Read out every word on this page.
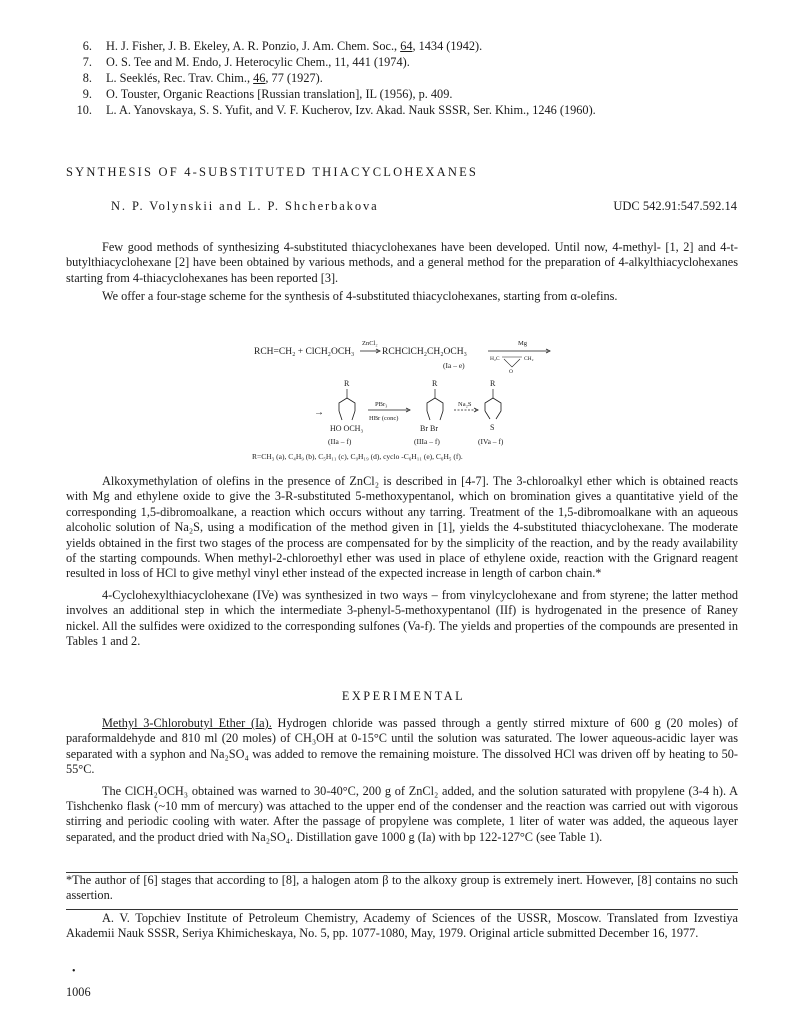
6.	H. J. Fisher, J. B. Ekeley, A. R. Ponzio, J. Am. Chem. Soc., 64, 1434 (1942).
7.	O. S. Tee and M. Endo, J. Heterocylic Chem., 11, 441 (1974).
8.	L. Seeklés, Rec. Trav. Chim., 46, 77 (1927).
9.	O. Touster, Organic Reactions [Russian translation], IL (1956), p. 409.
10.	L. A. Yanovskaya, S. S. Yufit, and V. F. Kucherov, Izv. Akad. Nauk SSSR, Ser. Khim., 1246 (1960).
SYNTHESIS OF 4-SUBSTITUTED THIACYCLOHEXANES
N. P. Volynskii and L. P. Shcherbakova	UDC 542.91:547.592.14

Few good methods of synthesizing 4-substituted thiacyclohexanes have been developed. Until now, 4-methyl- [1, 2] and 4-t-butylthiacyclohexane [2] have been obtained by various methods, and a general method for the preparation of 4-alkylthiacyclohexanes starting from 4-thiacyclohexanes has been reported [3].

We offer a four-stage scheme for the synthesis of 4-substituted thiacyclohexanes, starting from α-olefins.

RCH=CH₂ + ClCH₂OCH₃
ZnCl₂
RCHClCH₂CH₂OCH₃
(Ia – e)
Mg
H₂C	CH₂
O
R	R	R
→
HO OCH₃
PBr₃
HBr (conc)
Br Br
Na₂S
S
(IIa – f)	(IIIa – f)	(IVa – f)
R=CH₃ (a), C₄H₉ (b), C₅H₁₁ (c), C₉H₁₉ (d), cyclo -C₆H₁₁ (e), C₆H₅ (f).

Alkoxymethylation of olefins in the presence of ZnCl₂ is described in [4-7]. The 3-chloroalkyl ether which is obtained reacts with Mg and ethylene oxide to give the 3-R-substituted 5-methoxypentanol, which on bromination gives a quantitative yield of the corresponding 1,5-dibromoalkane, a reaction which occurs without any tarring. Treatment of the 1,5-dibromoalkane with an aqueous alcoholic solution of Na₂S, using a modification of the method given in [1], yields the 4-substituted thiacyclohexane. The moderate yields obtained in the first two stages of the process are compensated for by the simplicity of the reaction, and by the ready availability of the starting compounds. When methyl-2-chloroethyl ether was used in place of ethylene oxide, reaction with the Grignard reagent resulted in loss of HCl to give methyl vinyl ether instead of the expected increase in length of carbon chain.*

4-Cyclohexylthiacyclohexane (IVe) was synthesized in two ways – from vinylcyclohexane and from styrene; the latter method involves an additional step in which the intermediate 3-phenyl-5-methoxypentanol (IIf) is hydrogenated in the presence of Raney nickel. All the sulfides were oxidized to the corresponding sulfones (Va-f). The yields and properties of the compounds are presented in Tables 1 and 2.

EXPERIMENTAL

Methyl 3-Chlorobutyl Ether (Ia). Hydrogen chloride was passed through a gently stirred mixture of 600 g (20 moles) of paraformaldehyde and 810 ml (20 moles) of CH₃OH at 0-15°C until the solution was saturated. The lower aqueous-acidic layer was separated with a syphon and Na₂SO₄ was added to remove the remaining moisture. The dissolved HCl was driven off by heating to 50-55°C.

The ClCH₂OCH₃ obtained was warned to 30-40°C, 200 g of ZnCl₂ added, and the solution saturated with propylene (3-4 h). A Tishchenko flask (~10 mm of mercury) was attached to the upper end of the condenser and the reaction was carried out with vigorous stirring and periodic cooling with water. After the passage of propylene was complete, 1 liter of water was added, the aqueous layer separated, and the product dried with Na₂SO₄. Distillation gave 1000 g (Ia) with bp 122-127°C (see Table 1).

*The author of [6] stages that according to [8], a halogen atom β to the alkoxy group is extremely inert. However, [8] contains no such assertion.

A. V. Topchiev Institute of Petroleum Chemistry, Academy of Sciences of the USSR, Moscow. Translated from Izvestiya Akademii Nauk SSSR, Seriya Khimicheskaya, No. 5, pp. 1077-1080, May, 1979. Original article submitted December 16, 1977.

•
1006
